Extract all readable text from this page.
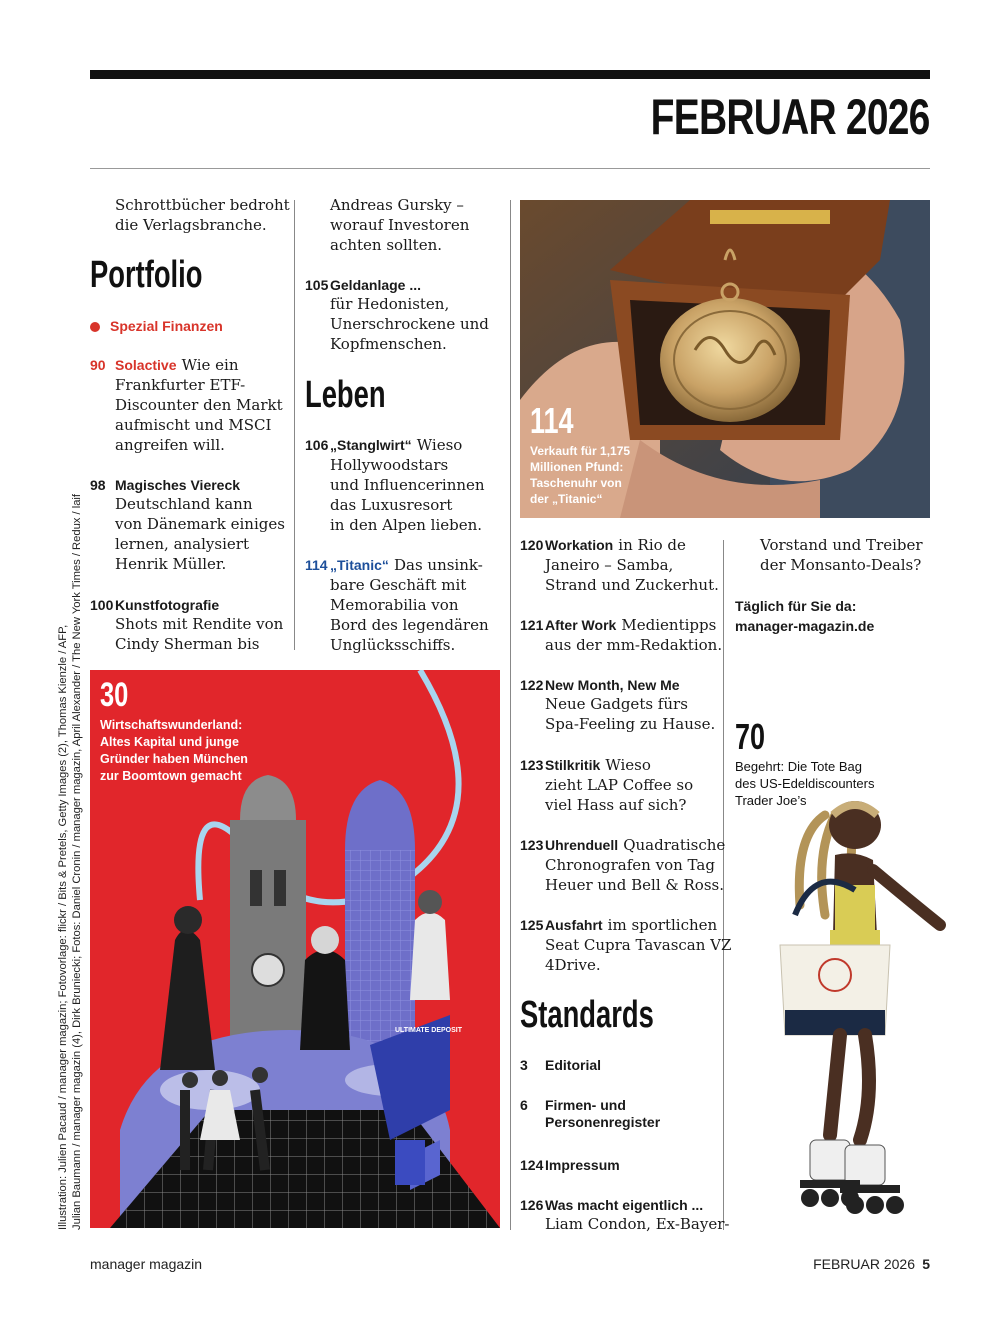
FEBRUAR 2026
Illustration: Julien Pacaud / manager magazin; Fotovorlage: flickr / Bits & Pretels, Getty Images (2), Thomas Kienzle / AFP, Julian Baumann / manager magazin (4), Dirk Bruniecki; Fotos: Daniel Cronin / manager magazin, April Alexander / The New York Times / Redux / laif
Schrottbücher bedroht
die Verlagsbranche.
Portfolio
Spezial Finanzen
90 Solactive Wie ein
Frankfurter ETF-
Discounter den Markt
aufmischt und MSCI
angreifen will.
98 Magisches Viereck
Deutschland kann
von Dänemark einiges
lernen, analysiert
Henrik Müller.
100 Kunstfotografie
Shots mit Rendite von
Cindy Sherman bis
Andreas Gursky –
worauf Investoren
achten sollten.
105 Geldanlage ...
für Hedonisten,
Unerschrockene und
Kopfmenschen.
Leben
106 „Stanglwirt“ Wieso
Hollywoodstars
und Influencerinnen
das Luxusresort
in den Alpen lieben.
114 „Titanic“ Das unsink-
bare Geschäft mit
Memorabilia von
Bord des legendären
Unglücksschiffs.
114
Verkauft für 1,175
Millionen Pfund:
Taschenuhr von
der „Titanic“
120 Workation in Rio de
Janeiro – Samba,
Strand und Zuckerhut.
121 After Work Medientipps
aus der mm-Redaktion.
122 New Month, New Me
Neue Gadgets fürs
Spa-Feeling zu Hause.
123 Stilkritik Wieso
zieht LAP Coffee so
viel Hass auf sich?
123 Uhrenduell Quadratische
Chronografen von Tag
Heuer und Bell & Ross.
125 Ausfahrt im sportlichen
Seat Cupra Tavascan VZ
4Drive.
Standards
3 Editorial
6 Firmen- und
Personenregister
124 Impressum
126 Was macht eigentlich ...
Liam Condon, Ex-Bayer-
Vorstand und Treiber
der Monsanto-Deals?
Täglich für Sie da:
manager-magazin.de
70
Begehrt: Die Tote Bag
des US-Edeldiscounters
Trader Joe’s
ULTIMATE DEPOSIT
30
Wirtschaftswunderland:
Altes Kapital und junge
Gründer haben München
zur Boomtown gemacht
manager magazin	FEBRUAR 2026 5
